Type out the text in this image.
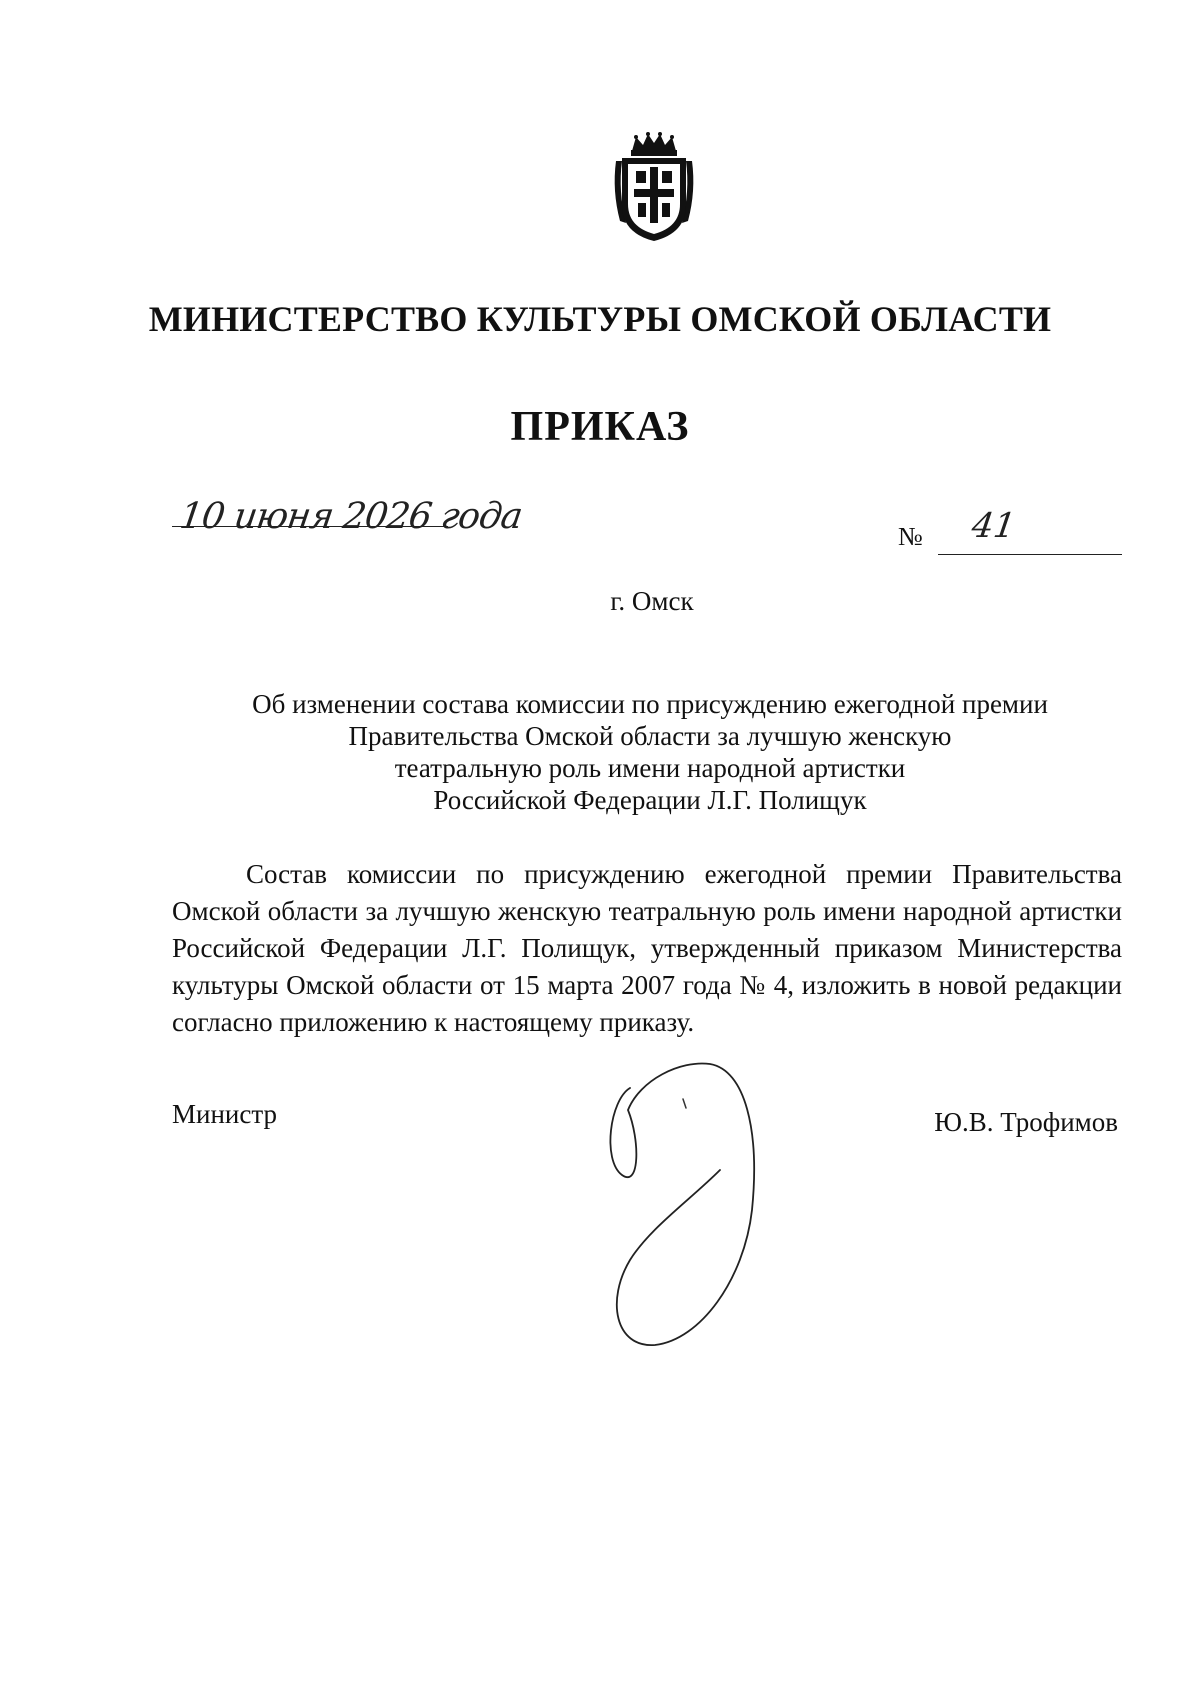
МИНИСТЕРСТВО КУЛЬТУРЫ ОМСКОЙ ОБЛАСТИ
ПРИКАЗ
10 июня 2026 года	№ 41
г. Омск
Об изменении состава комиссии по присуждению ежегодной премии
Правительства Омской области за лучшую женскую
театральную роль имени народной артистки
Российской Федерации Л.Г. Полищук

Состав комиссии по присуждению ежегодной премии Правительства Омской области за лучшую женскую театральную роль имени народной артистки Российской Федерации Л.Г. Полищук, утвержденный приказом Министерства культуры Омской области от 15 марта 2007 года № 4, изложить в новой редакции согласно приложению к настоящему приказу.

Министр	Ю.В. Трофимов
